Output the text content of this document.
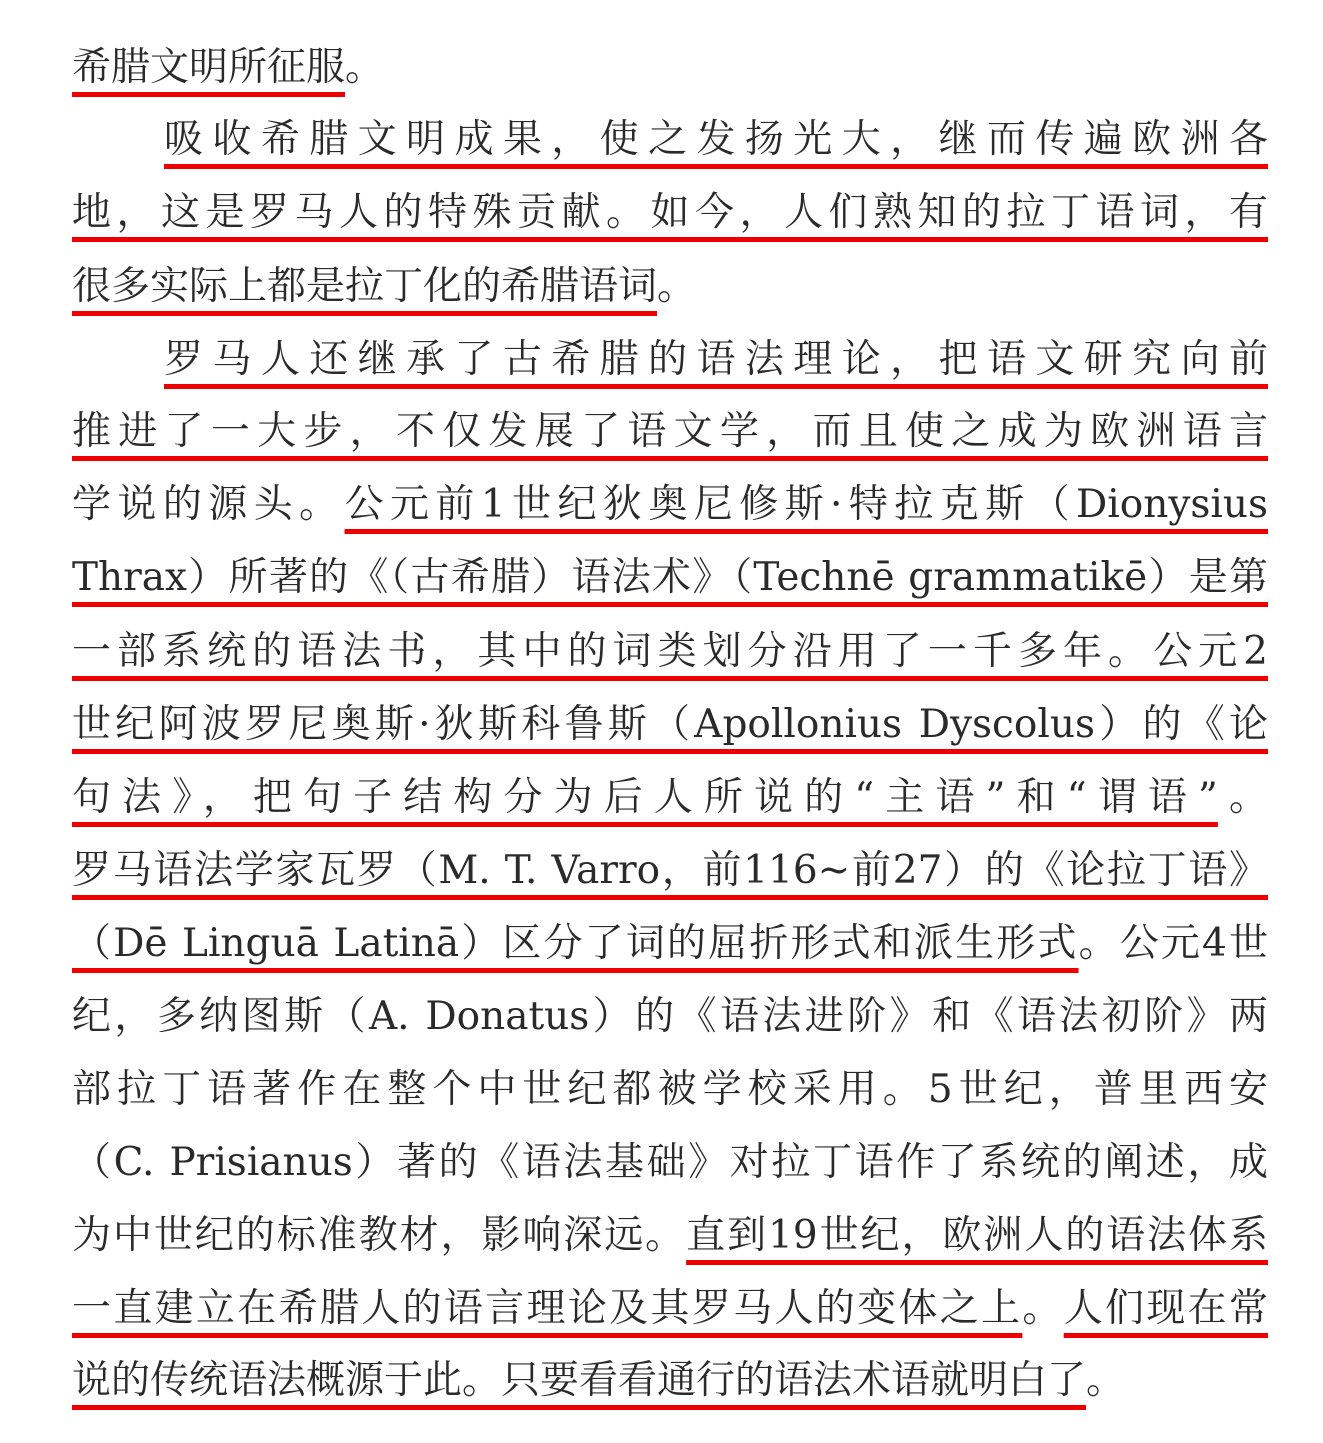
希腊文明所征服。
吸收希腊文明成果，使之发扬光大，继而传遍欧洲各
地，这是罗马人的特殊贡献。如今，人们熟知的拉丁语词，有
很多实际上都是拉丁化的希腊语词。
罗马人还继承了古希腊的语法理论，把语文研究向前
推进了一大步，不仅发展了语文学，而且使之成为欧洲语言
学说的源头。公元前1世纪狄奥尼修斯·特拉克斯（Dionysius
Thrax）所著的《（古希腊）语法术》（Technē grammatikē）是第
一部系统的语法书，其中的词类划分沿用了一千多年。公元2
世纪阿波罗尼奥斯·狄斯科鲁斯（Apollonius Dyscolus）的《论
句法》，把句子结构分为后人所说的“主语”和“谓语”。
罗马语法学家瓦罗（M. T. Varro，前116~前27）的《论拉丁语》
（Dē Linguā Latinā）区分了词的屈折形式和派生形式。公元4世
纪，多纳图斯（A. Donatus）的《语法进阶》和《语法初阶》两
部拉丁语著作在整个中世纪都被学校采用。5世纪，普里西安
（C. Prisianus）著的《语法基础》对拉丁语作了系统的阐述，成
为中世纪的标准教材，影响深远。直到19世纪，欧洲人的语法体系
一直建立在希腊人的语言理论及其罗马人的变体之上。人们现在常
说的传统语法概源于此。只要看看通行的语法术语就明白了。
